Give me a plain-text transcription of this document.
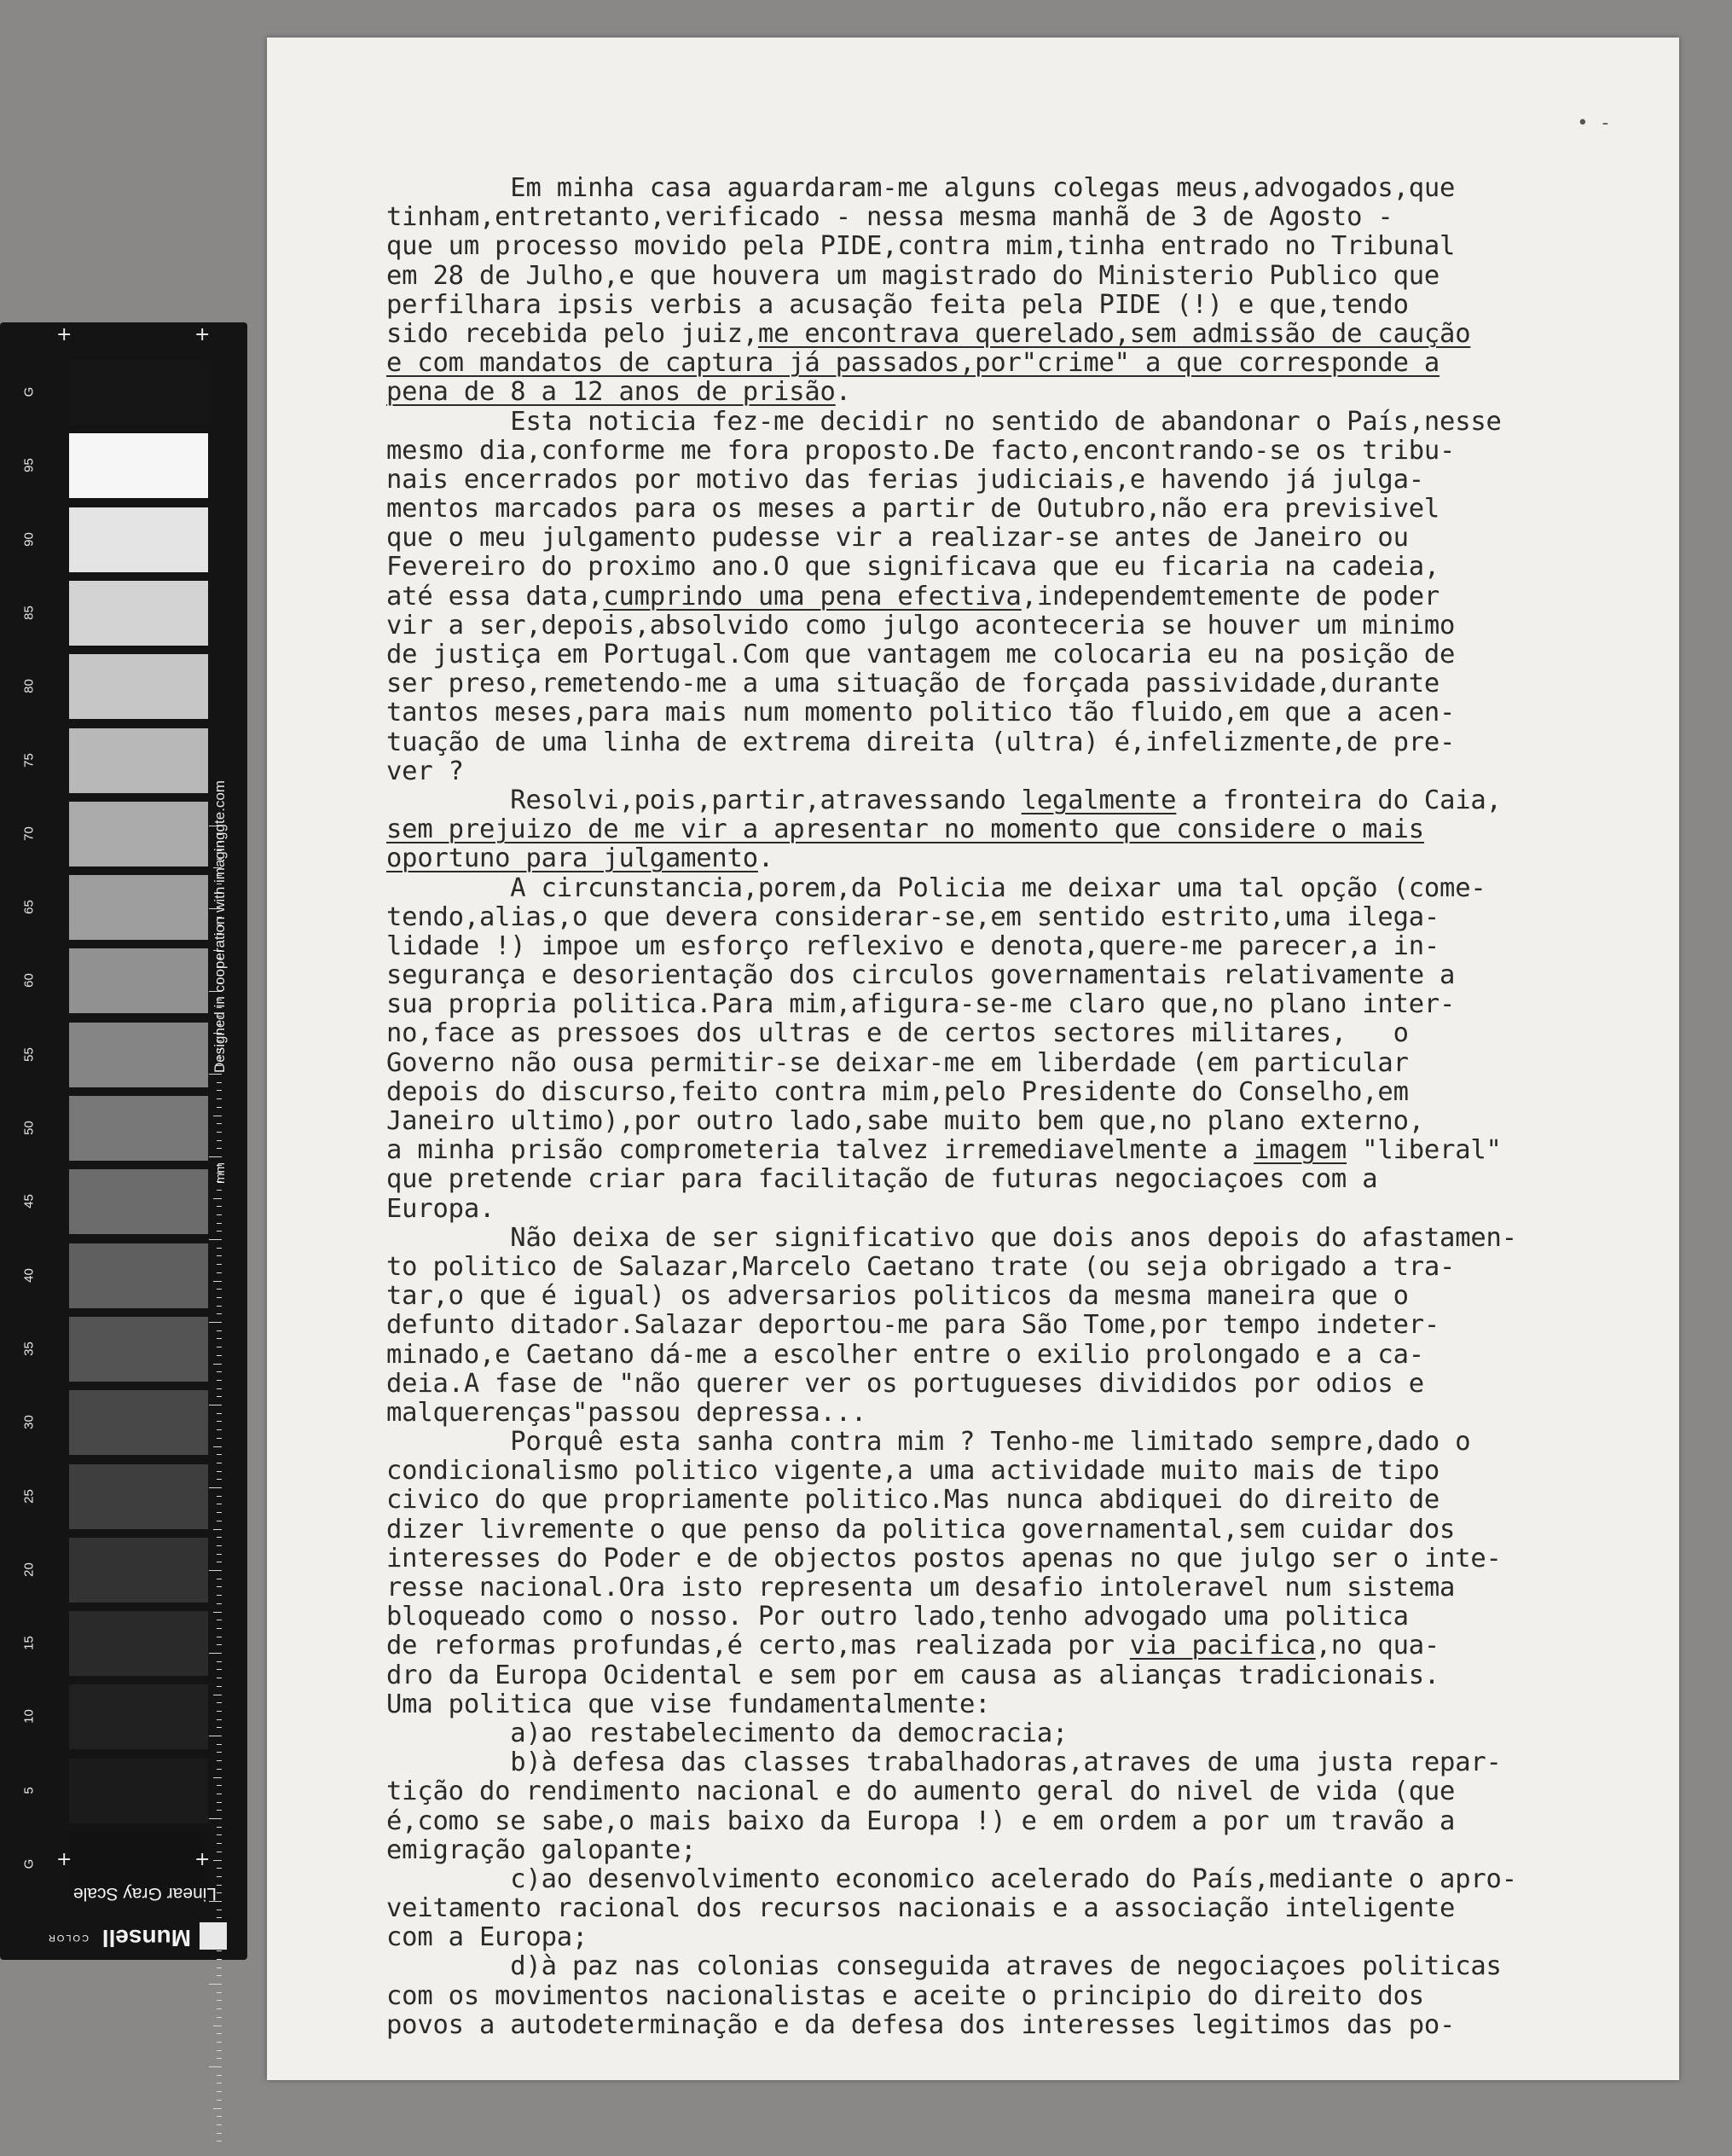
• -
Em minha casa aguardaram-me alguns colegas meus,advogados,que
tinham,entretanto,verificado - nessa mesma manhã de 3 de Agosto -
que um processo movido pela PIDE,contra mim,tinha entrado no Tribunal
em 28 de Julho,e que houvera um magistrado do Ministerio Publico que
perfilhara ipsis verbis a acusação feita pela PIDE (!) e que,tendo
sido recebida pelo juiz,me encontrava querelado,sem admissão de caução
e com mandatos de captura já passados,por"crime" a que corresponde a
pena de 8 a 12 anos de prisão.
Esta noticia fez-me decidir no sentido de abandonar o País,nesse
mesmo dia,conforme me fora proposto.De facto,encontrando-se os tribu-
nais encerrados por motivo das ferias judiciais,e havendo já julga-
mentos marcados para os meses a partir de Outubro,não era previsivel
que o meu julgamento pudesse vir a realizar-se antes de Janeiro ou
Fevereiro do proximo ano.O que significava que eu ficaria na cadeia,
até essa data,cumprindo uma pena efectiva,independemtemente de poder
vir a ser,depois,absolvido como julgo aconteceria se houver um minimo
de justiça em Portugal.Com que vantagem me colocaria eu na posição de
ser preso,remetendo-me a uma situação de forçada passividade,durante
tantos meses,para mais num momento politico tão fluido,em que a acen-
tuação de uma linha de extrema direita (ultra) é,infelizmente,de pre-
ver ?
Resolvi,pois,partir,atravessando legalmente a fronteira do Caia,
sem prejuizo de me vir a apresentar no momento que considere o mais
oportuno para julgamento.
A circunstancia,porem,da Policia me deixar uma tal opção (come-
tendo,alias,o que devera considerar-se,em sentido estrito,uma ilega-
lidade !) impoe um esforço reflexivo e denota,quere-me parecer,a in-
segurança e desorientação dos circulos governamentais relativamente a
sua propria politica.Para mim,afigura-se-me claro que,no plano inter-
no,face as pressoes dos ultras e de certos sectores militares,   o
Governo não ousa permitir-se deixar-me em liberdade (em particular
depois do discurso,feito contra mim,pelo Presidente do Conselho,em
Janeiro ultimo),por outro lado,sabe muito bem que,no plano externo,
a minha prisão comprometeria talvez irremediavelmente a imagem "liberal"
que pretende criar para facilitação de futuras negociaçoes com a
Europa.
Não deixa de ser significativo que dois anos depois do afastamen-
to politico de Salazar,Marcelo Caetano trate (ou seja obrigado a tra-
tar,o que é igual) os adversarios politicos da mesma maneira que o
defunto ditador.Salazar deportou-me para São Tome,por tempo indeter-
minado,e Caetano dá-me a escolher entre o exilio prolongado e a ca-
deia.A fase de "não querer ver os portugueses divididos por odios e
malquerenças"passou depressa...
Porquê esta sanha contra mim ? Tenho-me limitado sempre,dado o
condicionalismo politico vigente,a uma actividade muito mais de tipo
civico do que propriamente politico.Mas nunca abdiquei do direito de
dizer livremente o que penso da politica governamental,sem cuidar dos
interesses do Poder e de objectos postos apenas no que julgo ser o inte-
resse nacional.Ora isto representa um desafio intoleravel num sistema
bloqueado como o nosso. Por outro lado,tenho advogado uma politica
de reformas profundas,é certo,mas realizada por via pacifica,no qua-
dro da Europa Ocidental e sem por em causa as alianças tradicionais.
Uma politica que vise fundamentalmente:
a)ao restabelecimento da democracia;
b)à defesa das classes trabalhadoras,atraves de uma justa repar-
tição do rendimento nacional e do aumento geral do nivel de vida (que
é,como se sabe,o mais baixo da Europa !) e em ordem a por um travão a
emigração galopante;
c)ao desenvolvimento economico acelerado do País,mediante o apro-
veitamento racional dos recursos nacionais e a associação inteligente
com a Europa;
d)à paz nas colonias conseguida atraves de negociaçoes politicas
com os movimentos nacionalistas e aceite o principio do direito dos
povos a autodeterminação e da defesa dos interesses legitimos das po-
G
95
90
85
80
75
70
65
60
55
50
45
40
35
30
25
20
15
10
5
G
Designed in cooperation with imaginggte.com
mm
+	+
+	+
Linear Gray Scale
Munsell
COLOR
